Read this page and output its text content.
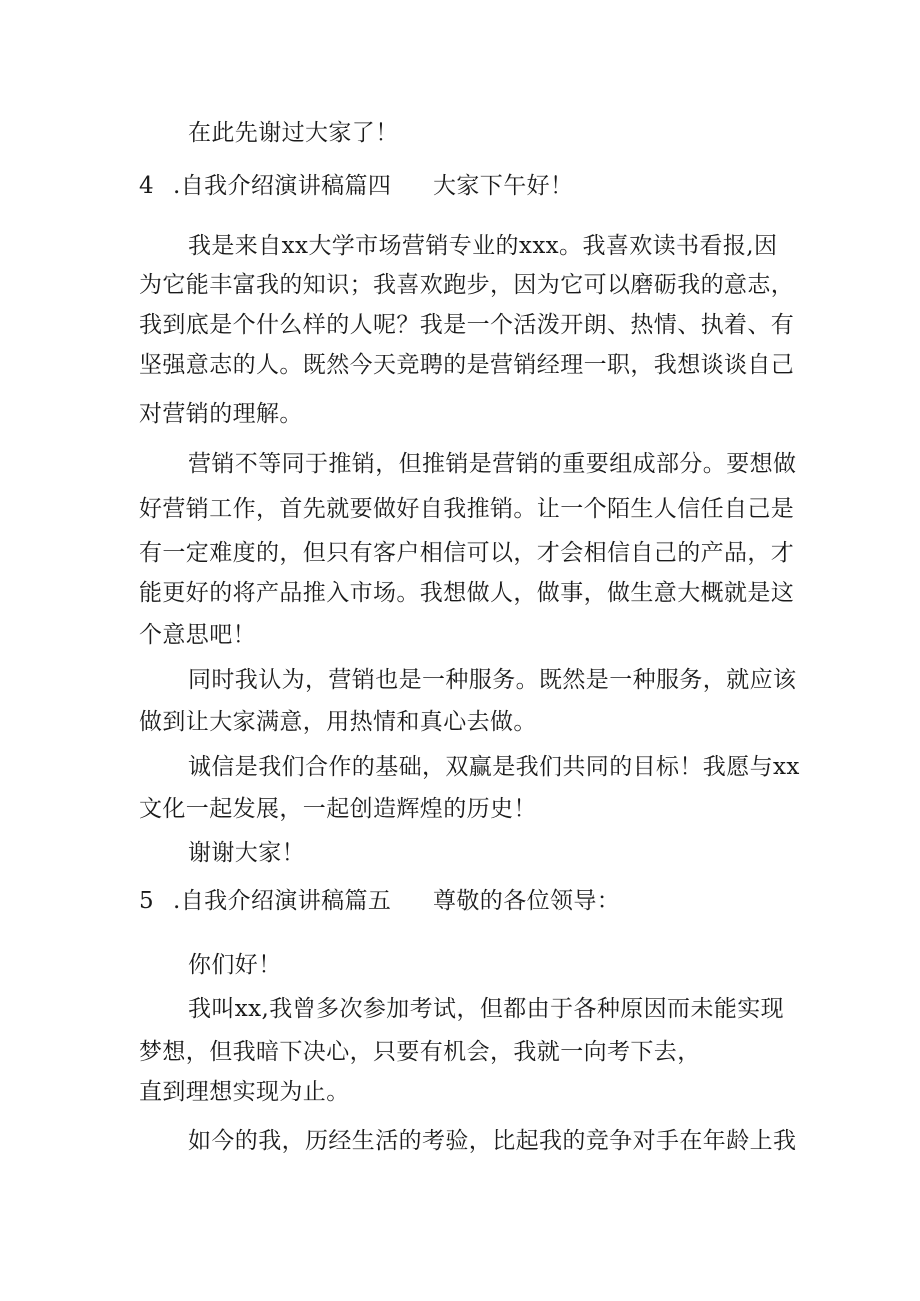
在此先谢过大家了！
4 .自我介绍演讲稿篇四 大家下午好！
我是来自xx大学市场营销专业的xxx。我喜欢读书看报,因
为它能丰富我的知识；我喜欢跑步，因为它可以磨砺我的意志，
我到底是个什么样的人呢？我是一个活泼开朗、热情、执着、有
坚强意志的人。既然今天竞聘的是营销经理一职，我想谈谈自己
对营销的理解。
营销不等同于推销，但推销是营销的重要组成部分。要想做
好营销工作，首先就要做好自我推销。让一个陌生人信任自己是
有一定难度的，但只有客户相信可以，才会相信自己的产品，才
能更好的将产品推入市场。我想做人，做事，做生意大概就是这
个意思吧！
同时我认为，营销也是一种服务。既然是一种服务，就应该
做到让大家满意，用热情和真心去做。
诚信是我们合作的基础，双赢是我们共同的目标！我愿与xx
文化一起发展，一起创造辉煌的历史！
谢谢大家！
5 .自我介绍演讲稿篇五 尊敬的各位领导：
你们好！
我叫xx,我曾多次参加考试，但都由于各种原因而未能实现
梦想，但我暗下决心，只要有机会，我就一向考下去，
直到理想实现为止。
如今的我，历经生活的考验，比起我的竞争对手在年龄上我
